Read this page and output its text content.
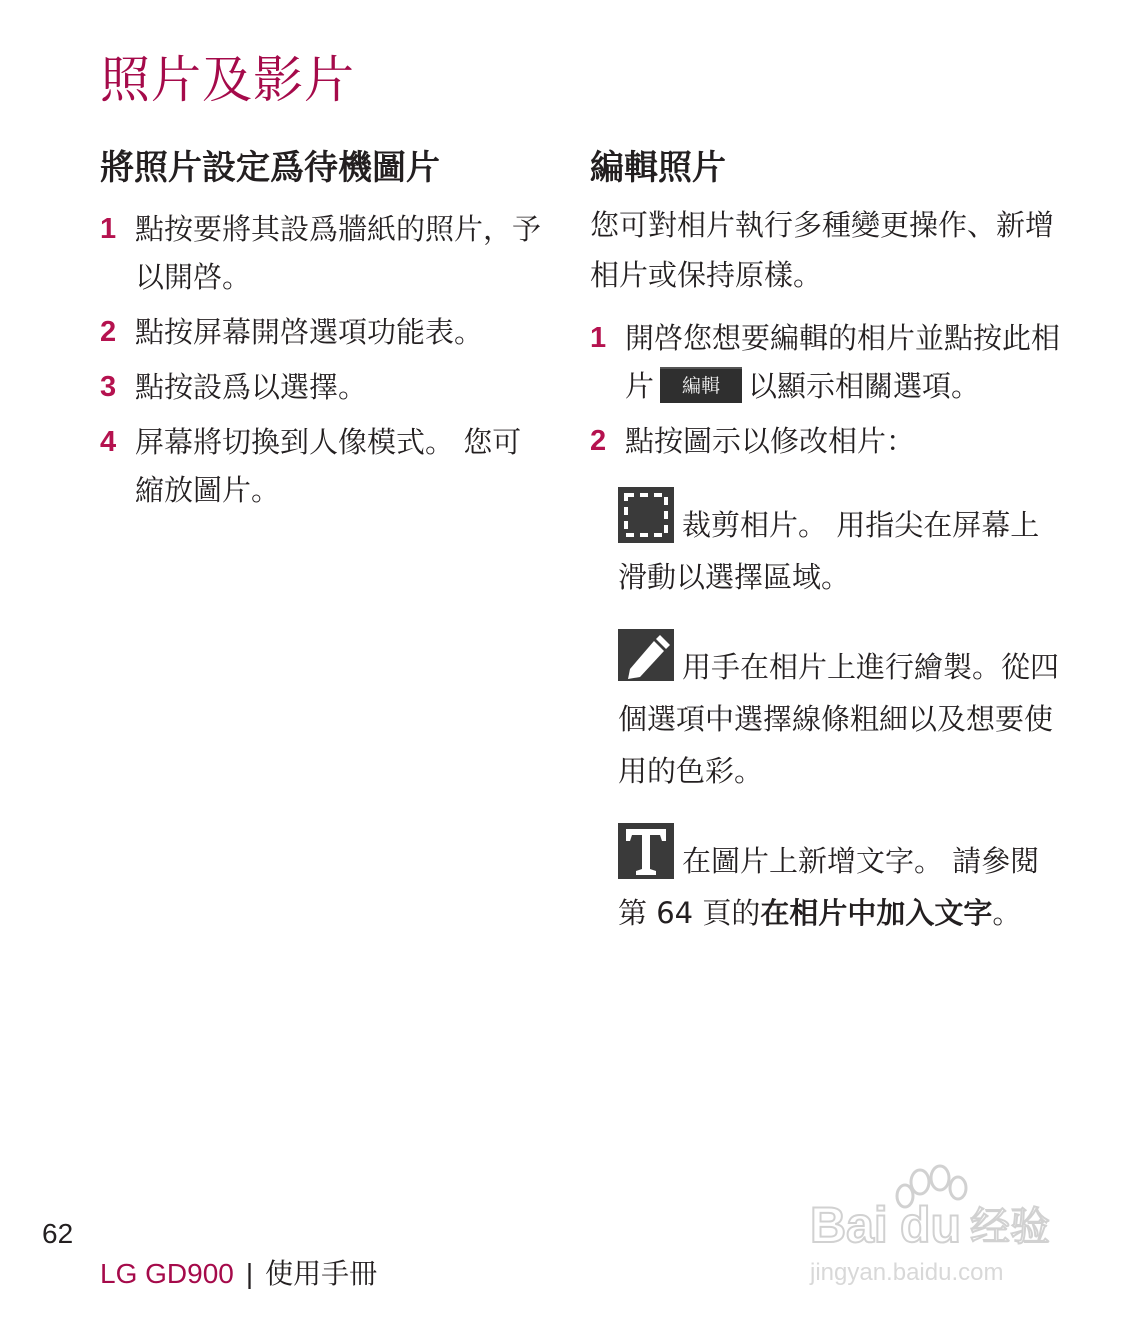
照片及影片
將照片設定爲待機圖片
1 點按要將其設爲牆紙的照片，予以開啓。
2 點按屏幕開啓選項功能表。
3 點按設爲以選擇。
4 屏幕將切換到人像模式。 您可縮放圖片。
編輯照片
您可對相片執行多種變更操作、新增相片或保持原樣。
1 開啓您想要編輯的相片並點按此相片 編輯 以顯示相關選項。
2 點按圖示以修改相片：
裁剪相片。 用指尖在屏幕上滑動以選擇區域。
用手在相片上進行繪製。從四個選項中選擇線條粗細以及想要使用的色彩。
在圖片上新增文字。 請參閱第 64 頁的在相片中加入文字。
62
LG GD900 | 使用手冊
Bai du 经验
jingyan.baidu.com
